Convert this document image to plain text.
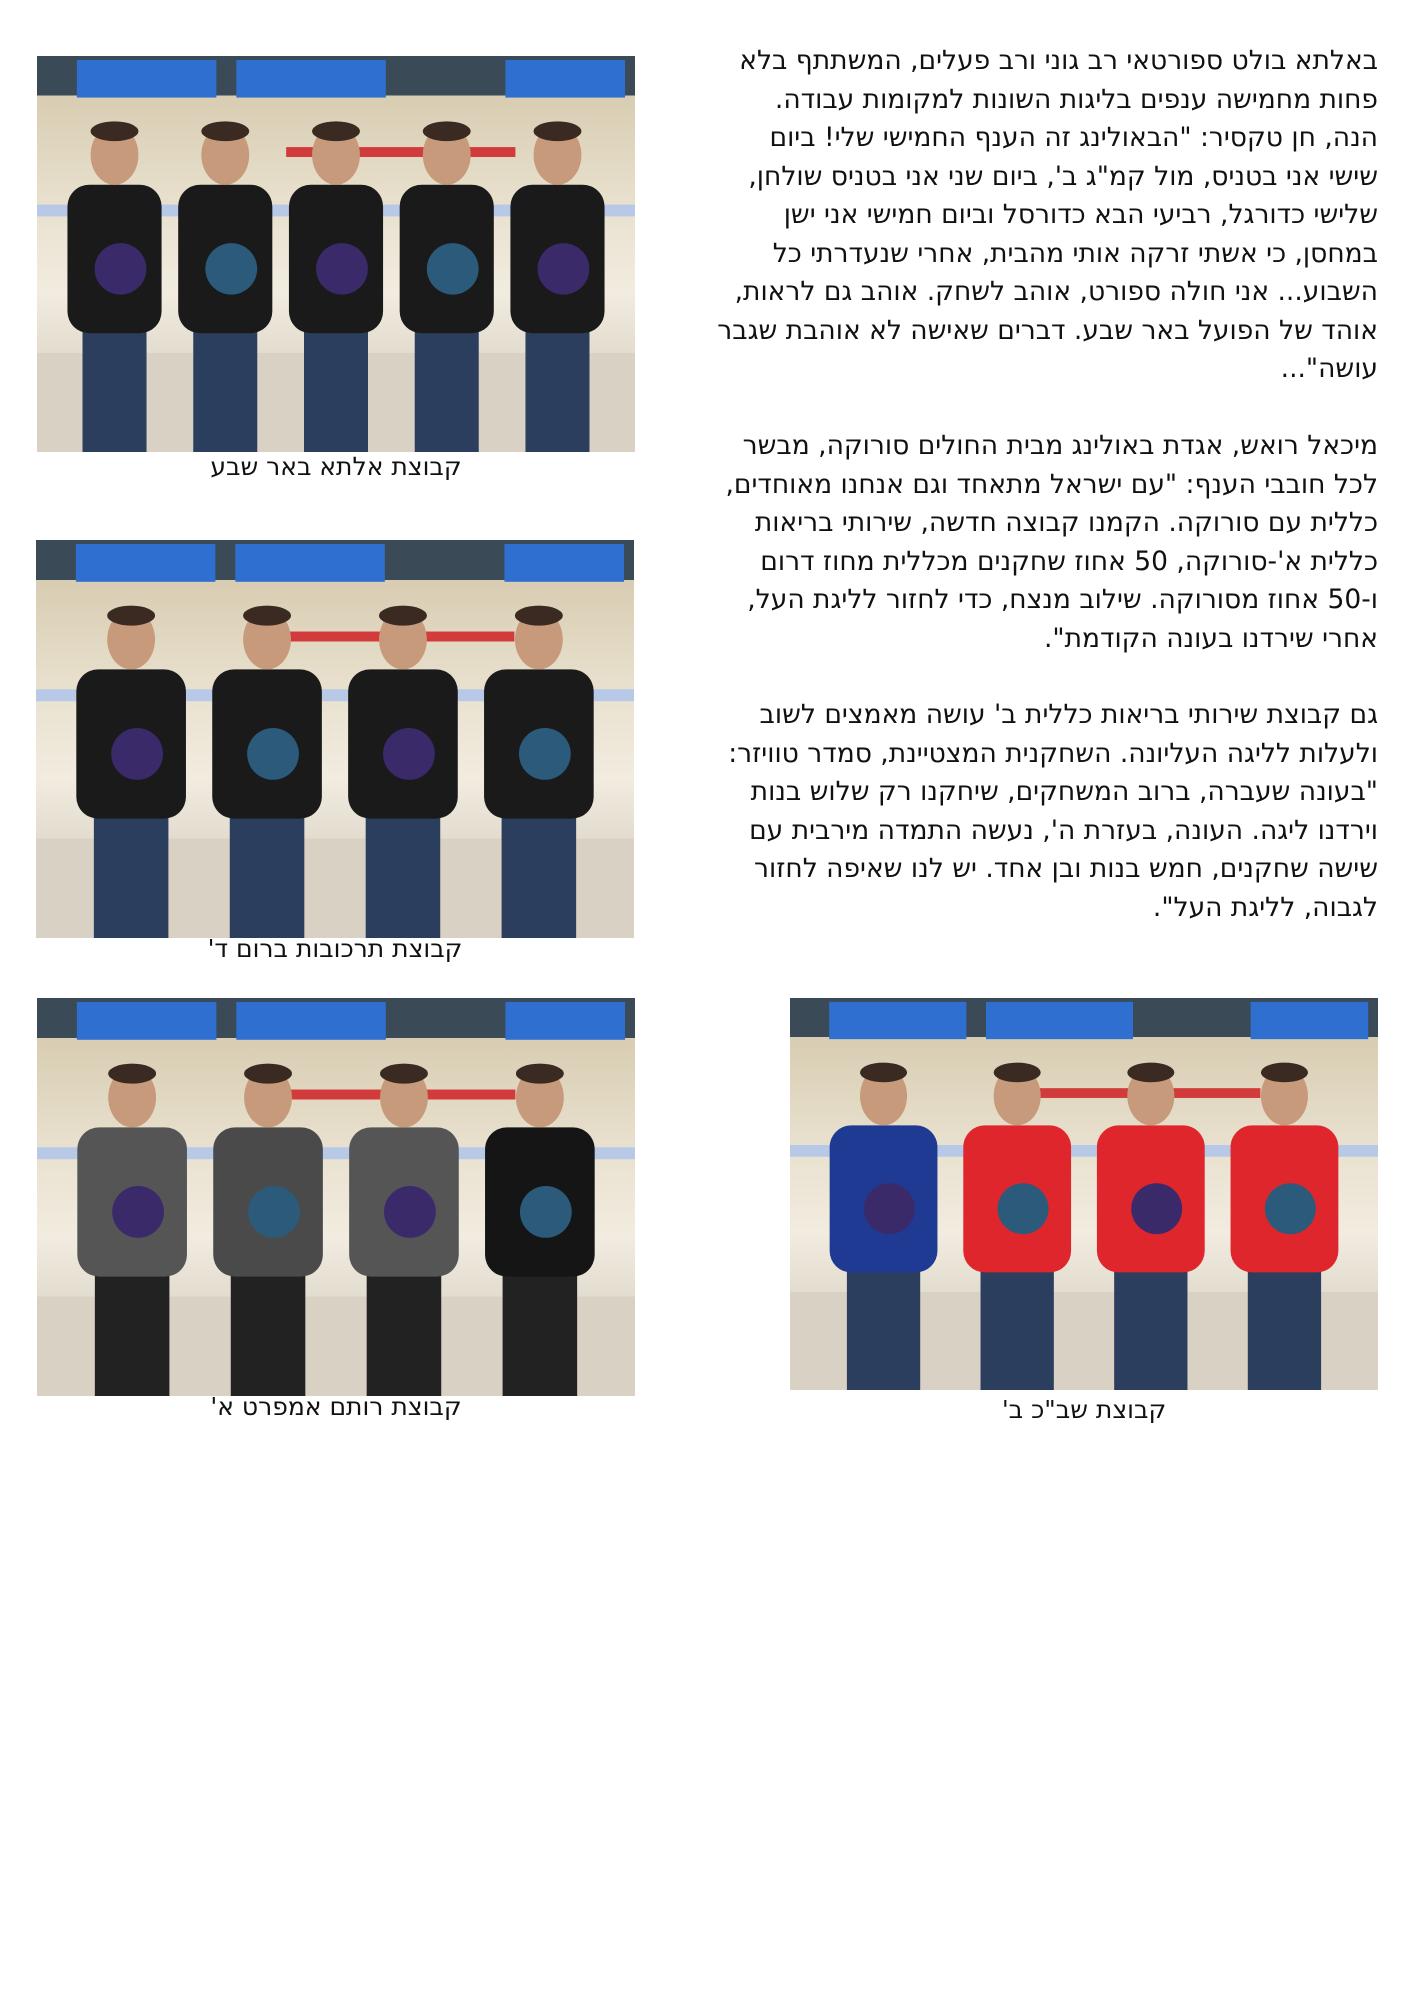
באלתא בולט ספורטאי רב גוני ורב פעלים, המשתתף בלא
פחות מחמישה ענפים בליגות השונות למקומות עבודה.
הנה, חן טקסיר: "הבאולינג זה הענף החמישי שלי! ביום
שישי אני בטניס, מול קמ"ג ב', ביום שני אני בטניס שולחן,
שלישי כדורגל, רביעי הבא כדורסל וביום חמישי אני ישן
במחסן, כי אשתי זרקה אותי מהבית, אחרי שנעדרתי כל
השבוע... אני חולה ספורט, אוהב לשחק. אוהב גם לראות,
אוהד של הפועל באר שבע. דברים שאישה לא אוהבת שגבר
עושה"...

מיכאל רואש, אגדת באולינג מבית החולים סורוקה, מבשר
לכל חובבי הענף: "עם ישראל מתאחד וגם אנחנו מאוחדים,
כללית עם סורוקה. הקמנו קבוצה חדשה, שירותי בריאות
כללית א'-סורוקה, 50 אחוז שחקנים מכללית מחוז דרום
ו-50 אחוז מסורוקה. שילוב מנצח, כדי לחזור לליגת העל,
אחרי שירדנו בעונה הקודמת".

גם קבוצת שירותי בריאות כללית ב' עושה מאמצים לשוב
ולעלות לליגה העליונה. השחקנית המצטיינת, סמדר טוויזר:
"בעונה שעברה, ברוב המשחקים, שיחקנו רק שלוש בנות
וירדנו ליגה. העונה, בעזרת ה', נעשה התמדה מירבית עם
שישה שחקנים, חמש בנות ובן אחד. יש לנו שאיפה לחזור
לגבוה, לליגת העל".

קבוצת אלתא באר שבע
קבוצת תרכובות ברום ד'
קבוצת רותם אמפרט א'	קבוצת שב"כ ב'
